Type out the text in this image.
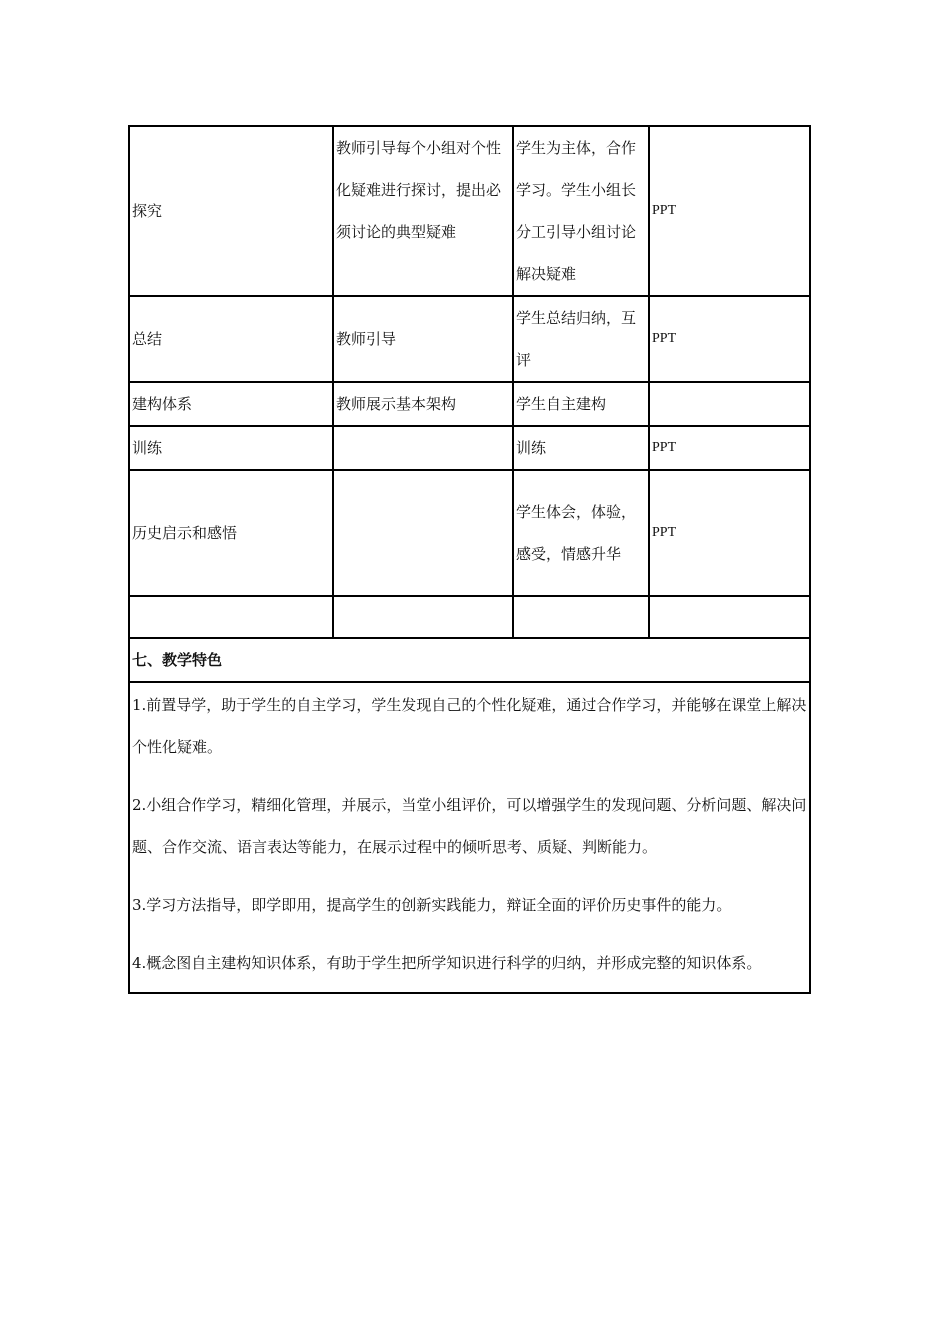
探究	教师引导每个小组对个性化疑难进行探讨，提出必须讨论的典型疑难	学生为主体，合作学习。学生小组长分工引导小组讨论解决疑难	PPT

总结	教师引导	学生总结归纳，互评	PPT

建构体系	教师展示基本架构	学生自主建构	

训练		训练	PPT

历史启示和感悟		学生体会，体验，感受，情感升华	PPT

七、教学特色			

1.前置导学，助于学生的自主学习，学生发现自己的个性化疑难，通过合作学习，并能够在课堂上解决个性化疑难。
2.小组合作学习，精细化管理，并展示，当堂小组评价，可以增强学生的发现问题、分析问题、解决问题、合作交流、语言表达等能力，在展示过程中的倾听思考、质疑、判断能力。
3.学习方法指导，即学即用，提高学生的创新实践能力，辩证全面的评价历史事件的能力。
4.概念图自主建构知识体系，有助于学生把所学知识进行科学的归纳，并形成完整的知识体系。			
